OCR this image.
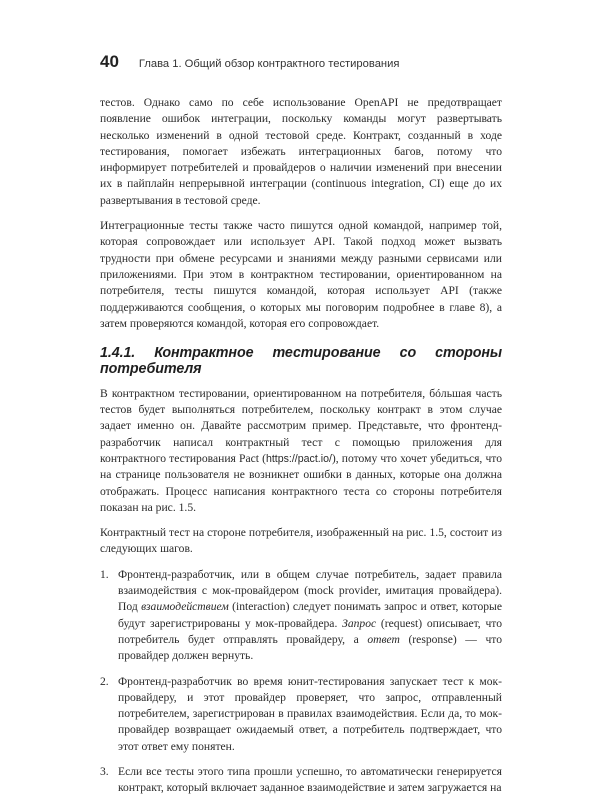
40 Глава 1. Общий обзор контрактного тестирования

тестов. Однако само по себе использование OpenAPI не предотвращает появление ошибок интеграции, поскольку команды могут развертывать несколько изменений в одной тестовой среде. Контракт, созданный в ходе тестирования, помогает избежать интеграционных багов, потому что информирует потребителей и провайдеров о наличии изменений при внесении их в пайплайн непрерывной интеграции (continuous integration, CI) еще до их развертывания в тестовой среде.

Интеграционные тесты также часто пишутся одной командой, например той, которая сопровождает или использует API. Такой подход может вызвать трудности при обмене ресурсами и знаниями между разными сервисами или приложениями. При этом в контрактном тестировании, ориентированном на потребителя, тесты пишутся командой, которая использует API (также поддерживаются сообщения, о которых мы поговорим подробнее в главе 8), а затем проверяются командой, которая его сопровождает.

1.4.1. Контрактное тестирование со стороны потребителя

В контрактном тестировании, ориентированном на потребителя, бóльшая часть тестов будет выполняться потребителем, поскольку контракт в этом случае задает именно он. Давайте рассмотрим пример. Представьте, что фронтенд-разработчик написал контрактный тест с помощью приложения для контрактного тестирования Pact (https://pact.io/), потому что хочет убедиться, что на странице пользователя не возникнет ошибки в данных, которые она должна отображать. Процесс написания контрактного теста со стороны потребителя показан на рис. 1.5.

Контрактный тест на стороне потребителя, изображенный на рис. 1.5, состоит из следующих шагов.

1. Фронтенд-разработчик, или в общем случае потребитель, задает правила взаимодействия с мок-провайдером (mock provider, имитация провайдера). Под взаимодействием (interaction) следует понимать запрос и ответ, которые будут зарегистрированы у мок-провайдера. Запрос (request) описывает, что потребитель будет отправлять провайдеру, а ответ (response) — что провайдер должен вернуть.
2. Фронтенд-разработчик во время юнит-тестирования запускает тест к мок-провайдеру, и этот провайдер проверяет, что запрос, отправленный потребителем, зарегистрирован в правилах взаимодействия. Если да, то мок-провайдер возвращает ожидаемый ответ, а потребитель подтверждает, что этот ответ ему понятен.
3. Если все тесты этого типа прошли успешно, то автоматически генерируется контракт, который включает заданное взаимодействие и затем загружается на
